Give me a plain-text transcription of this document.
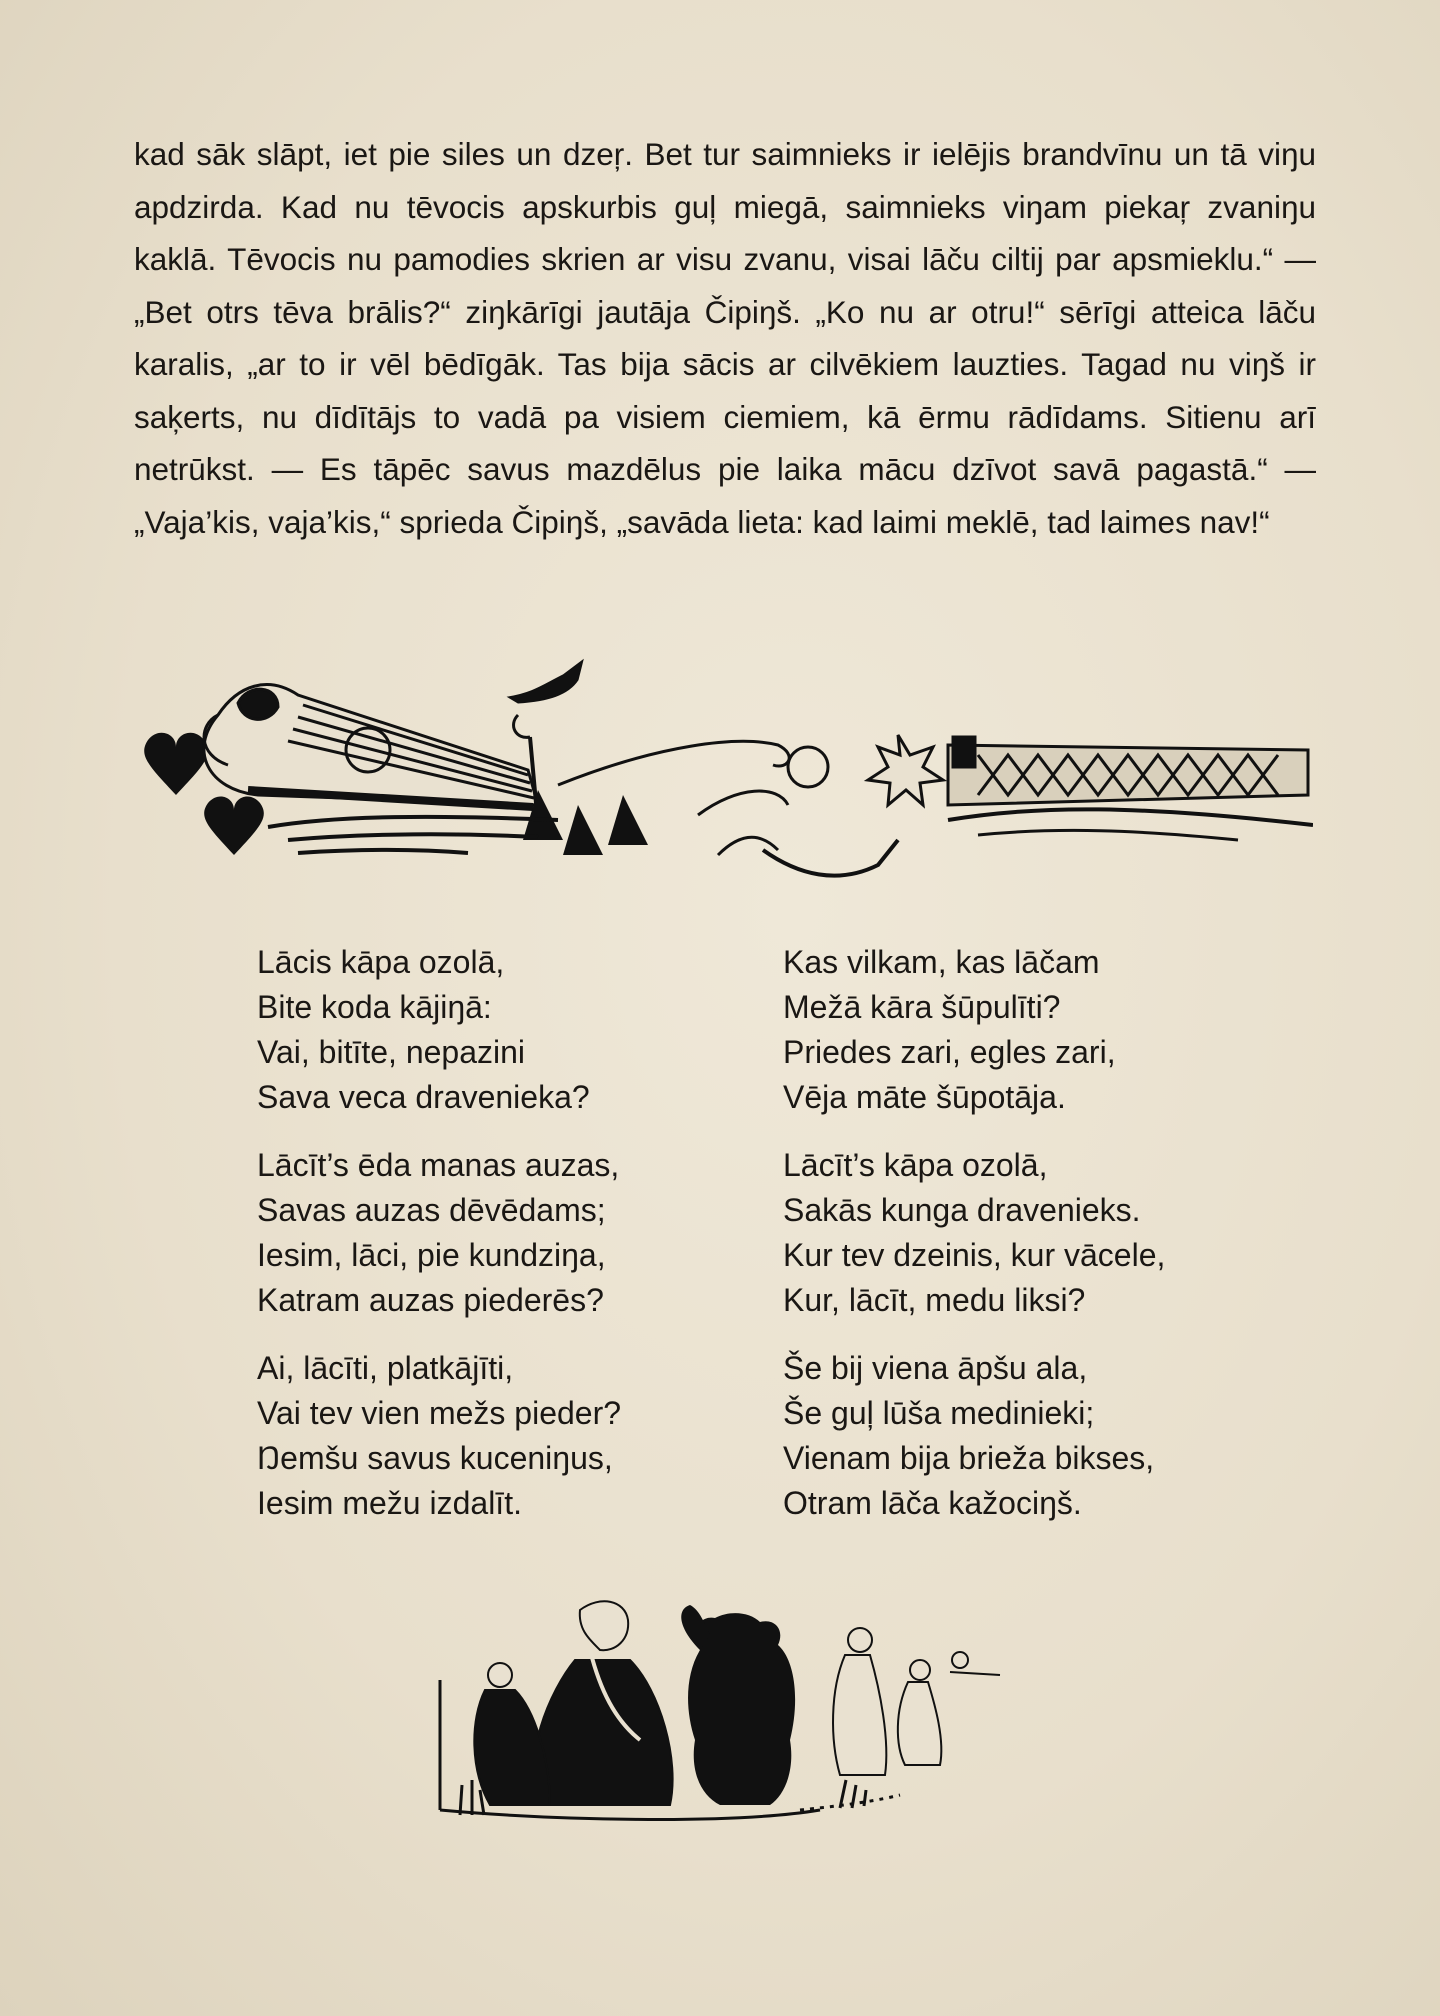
kad sāk slāpt, iet pie siles un dzeŗ. Bet tur saimnieks ir ielējis brandvīnu un tā viŋu apdzirda. Kad nu tēvocis apskurbis guļ miegā, saimnieks viŋam piekaŗ zvaniŋu kaklā. Tēvocis nu pamodies skrien ar visu zvanu, visai lāču ciltij par apsmieklu.“ —„Bet otrs tēva brālis?“ ziŋkārīgi jautāja Čipiŋš. „Ko nu ar otru!“ sērīgi atteica lāču karalis, „ar to ir vēl bēdīgāk. Tas bija sācis ar cilvēkiem lauzties. Tagad nu viŋš ir saķerts, nu dīdītājs to vadā pa visiem ciemiem, kā ērmu rādīdams. Sitienu arī netrūkst. — Es tāpēc savus mazdēlus pie laika mācu dzīvot savā pagastā.“ — „Vaja’kis, vaja’kis,“ sprieda Čipiŋš, „savāda lieta: kad laimi meklē, tad laimes nav!“

Lācis kāpa ozolā,
Bite koda kājiŋā:
Vai, bitīte, nepazini
Sava veca dravenieka?
Lācīt’s ēda manas auzas,
Savas auzas dēvēdams;
Iesim, lāci, pie kundziŋa,
Katram auzas piederēs?
Ai, lācīti, platkājīti,
Vai tev vien mežs pieder?
Ŋemšu savus kuceniŋus,
Iesim mežu izdalīt.
Kas vilkam, kas lāčam
Mežā kāra šūpulīti?
Priedes zari, egles zari,
Vēja māte šūpotāja.
Lācīt’s kāpa ozolā,
Sakās kunga dravenieks.
Kur tev dzeinis, kur vācele,
Kur, lācīt, medu liksi?
Še bij viena āpšu ala,
Še guļ lūša medinieki;
Vienam bija brieža bikses,
Otram lāča kažociŋš.
